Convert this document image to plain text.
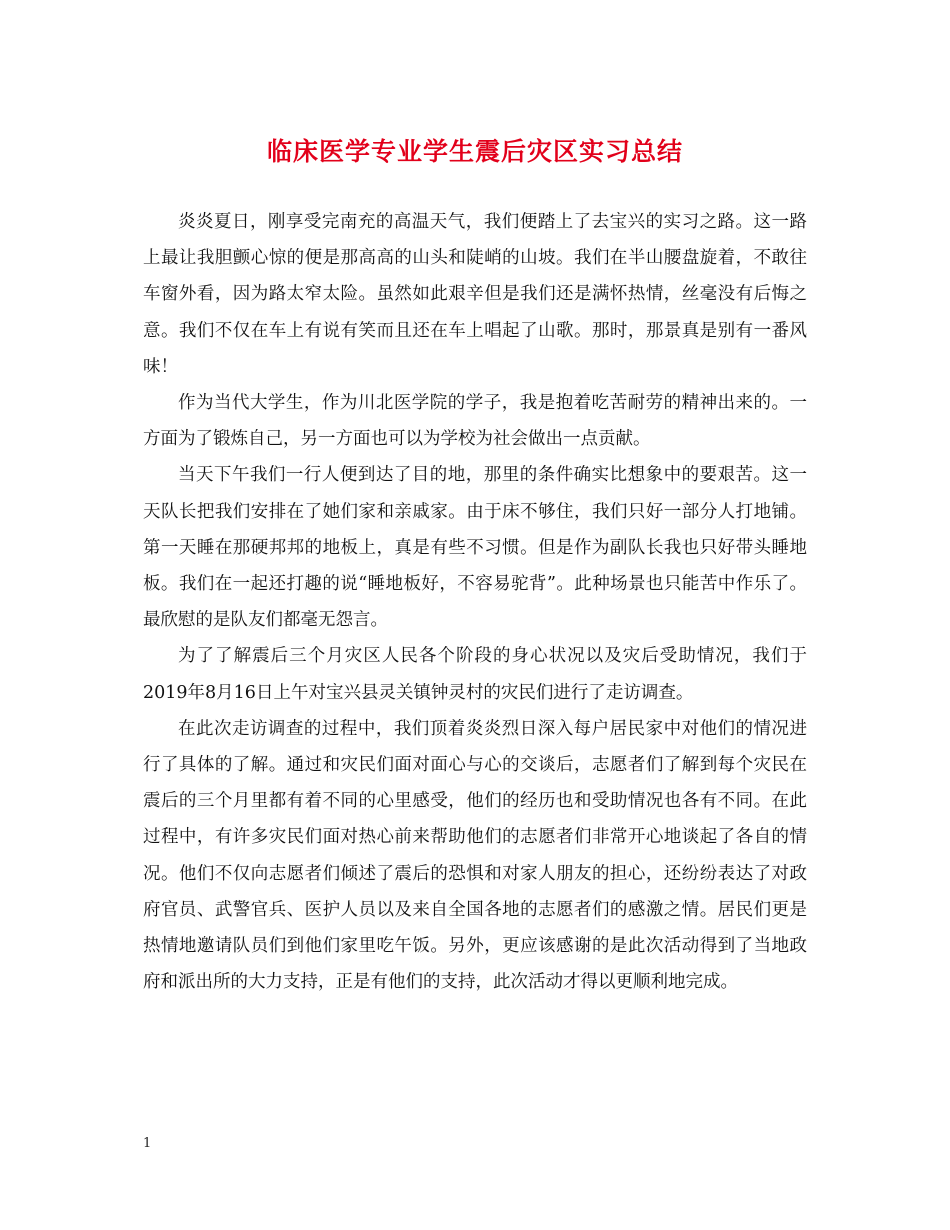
临床医学专业学生震后灾区实习总结

炎炎夏日，刚享受完南充的高温天气，我们便踏上了去宝兴的实习之路。这一路上最让我胆颤心惊的便是那高高的山头和陡峭的山坡。我们在半山腰盘旋着，不敢往车窗外看，因为路太窄太险。虽然如此艰辛但是我们还是满怀热情，丝毫没有后悔之意。我们不仅在车上有说有笑而且还在车上唱起了山歌。那时，那景真是别有一番风味！

作为当代大学生，作为川北医学院的学子，我是抱着吃苦耐劳的精神出来的。一方面为了锻炼自己，另一方面也可以为学校为社会做出一点贡献。

当天下午我们一行人便到达了目的地，那里的条件确实比想象中的要艰苦。这一天队长把我们安排在了她们家和亲戚家。由于床不够住，我们只好一部分人打地铺。第一天睡在那硬邦邦的地板上，真是有些不习惯。但是作为副队长我也只好带头睡地板。我们在一起还打趣的说“睡地板好，不容易驼背”。此种场景也只能苦中作乐了。最欣慰的是队友们都毫无怨言。

为了了解震后三个月灾区人民各个阶段的身心状况以及灾后受助情况，我们于2019年8月16日上午对宝兴县灵关镇钟灵村的灾民们进行了走访调查。

在此次走访调查的过程中，我们顶着炎炎烈日深入每户居民家中对他们的情况进行了具体的了解。通过和灾民们面对面心与心的交谈后，志愿者们了解到每个灾民在震后的三个月里都有着不同的心里感受，他们的经历也和受助情况也各有不同。在此过程中，有许多灾民们面对热心前来帮助他们的志愿者们非常开心地谈起了各自的情况。他们不仅向志愿者们倾述了震后的恐惧和对家人朋友的担心，还纷纷表达了对政府官员、武警官兵、医护人员以及来自全国各地的志愿者们的感激之情。居民们更是热情地邀请队员们到他们家里吃午饭。另外，更应该感谢的是此次活动得到了当地政府和派出所的大力支持，正是有他们的支持，此次活动才得以更顺利地完成。

1
